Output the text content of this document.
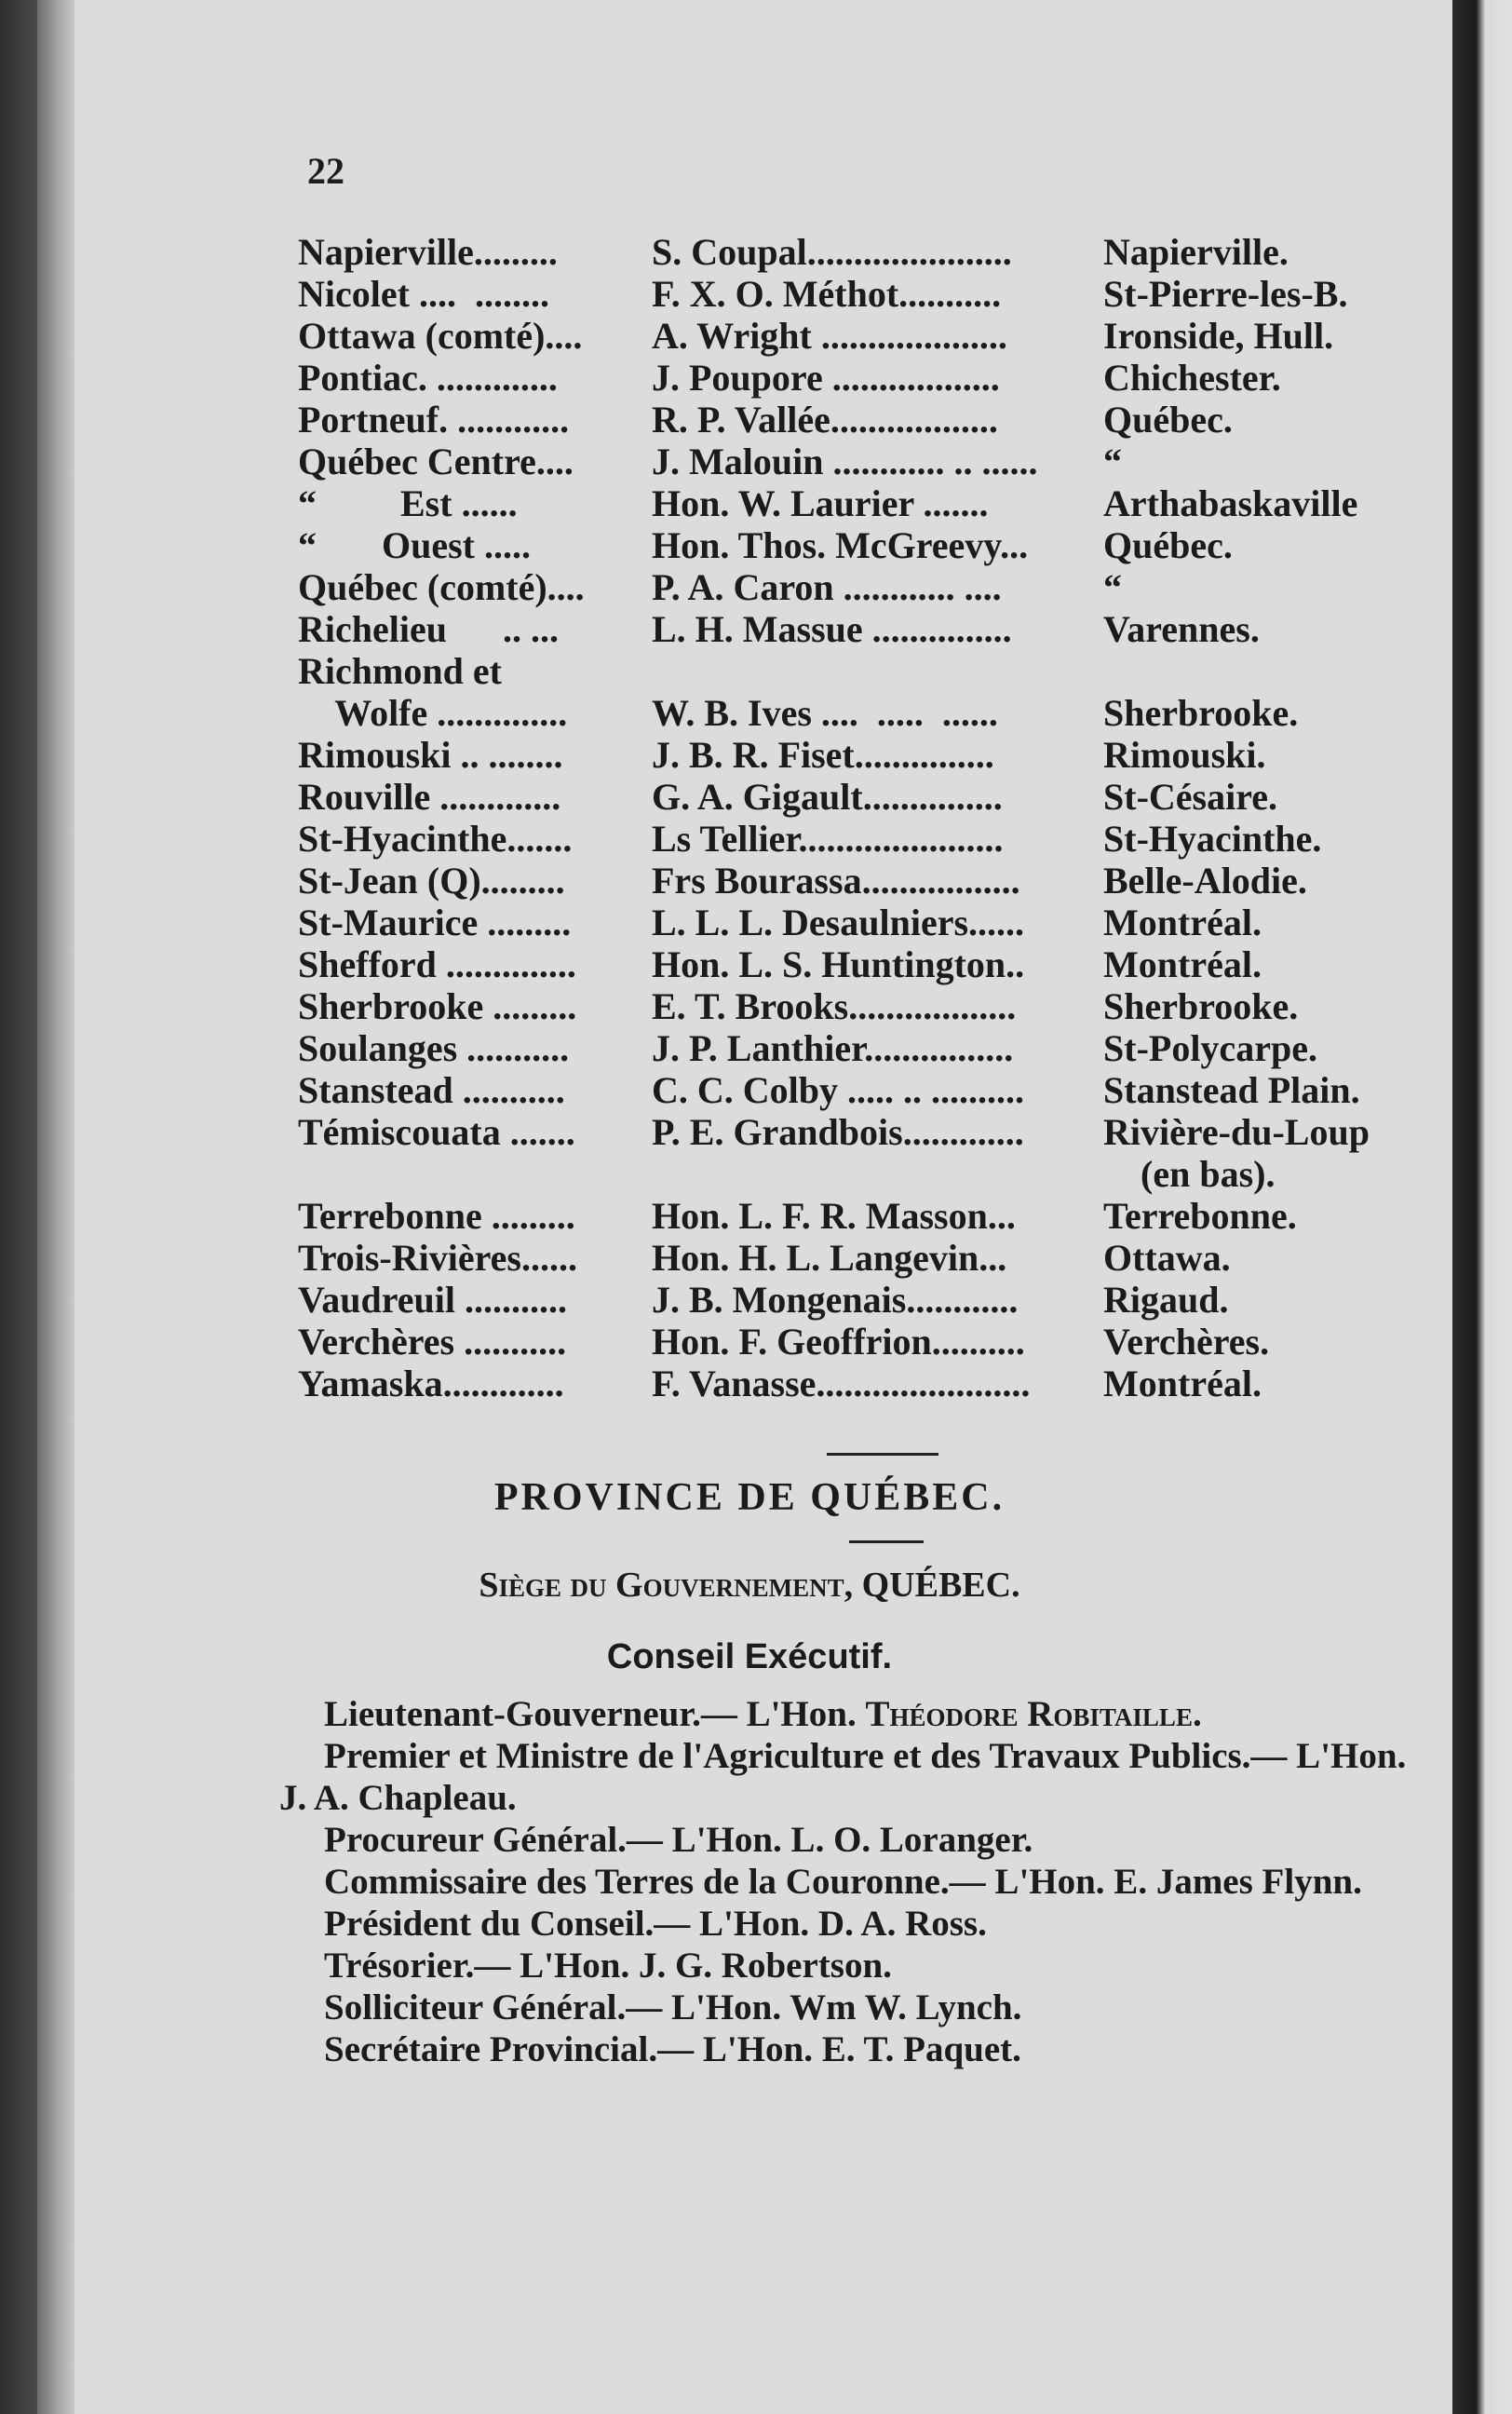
22
Napierville.........	S. Coupal......................	Napierville.
Nicolet ....  ........	F. X. O. Méthot...........	St-Pierre-les-B.
Ottawa (comté)....	A. Wright ....................	Ironside, Hull.
Pontiac. .............	J. Poupore ..................	Chichester.
Portneuf. ............	R. P. Vallée..................	Québec.
Québec Centre....	J. Malouin ............ .. ......	“
“         Est ......	Hon. W. Laurier .......	Arthabaskaville
“       Ouest .....	Hon. Thos. McGreevy...	Québec.
Québec (comté)....	P. A. Caron ............ ....	“
Richelieu      .. ...	L. H. Massue ...............	Varennes.
Richmond et
Wolfe ..............	W. B. Ives ....  .....  ......	Sherbrooke.
Rimouski .. ........	J. B. R. Fiset...............	Rimouski.
Rouville .............	G. A. Gigault...............	St-Césaire.
St-Hyacinthe.......	Ls Tellier......................	St-Hyacinthe.
St-Jean (Q).........	Frs Bourassa.................	Belle-Alodie.
St-Maurice .........	L. L. L. Desaulniers......	Montréal.
Shefford ..............	Hon. L. S. Huntington..	Montréal.
Sherbrooke .........	E. T. Brooks..................	Sherbrooke.
Soulanges ...........	J. P. Lanthier................	St-Polycarpe.
Stanstead ...........	C. C. Colby ..... .. ..........	Stanstead Plain.
Témiscouata .......	P. E. Grandbois.............	Rivière-du-Loup
(en bas).
Terrebonne .........	Hon. L. F. R. Masson...	Terrebonne.
Trois-Rivières......	Hon. H. L. Langevin...	Ottawa.
Vaudreuil ...........	J. B. Mongenais............	Rigaud.
Verchères ...........	Hon. F. Geoffrion..........	Verchères.
Yamaska.............	F. Vanasse.......................	Montréal.
PROVINCE DE QUÉBEC.
Siège du Gouvernement, QUÉBEC.
Conseil Exécutif.

Lieutenant-Gouverneur.— L'Hon. Théodore Robitaille.

Premier et Ministre de l'Agriculture et des Travaux Publics.— L'Hon. J. A. Chapleau.

Procureur Général.— L'Hon. L. O. Loranger.

Commissaire des Terres de la Couronne.— L'Hon. E. James Flynn.

Président du Conseil.— L'Hon. D. A. Ross.

Trésorier.— L'Hon. J. G. Robertson.

Solliciteur Général.— L'Hon. Wm W. Lynch.

Secrétaire Provincial.— L'Hon. E. T. Paquet.
